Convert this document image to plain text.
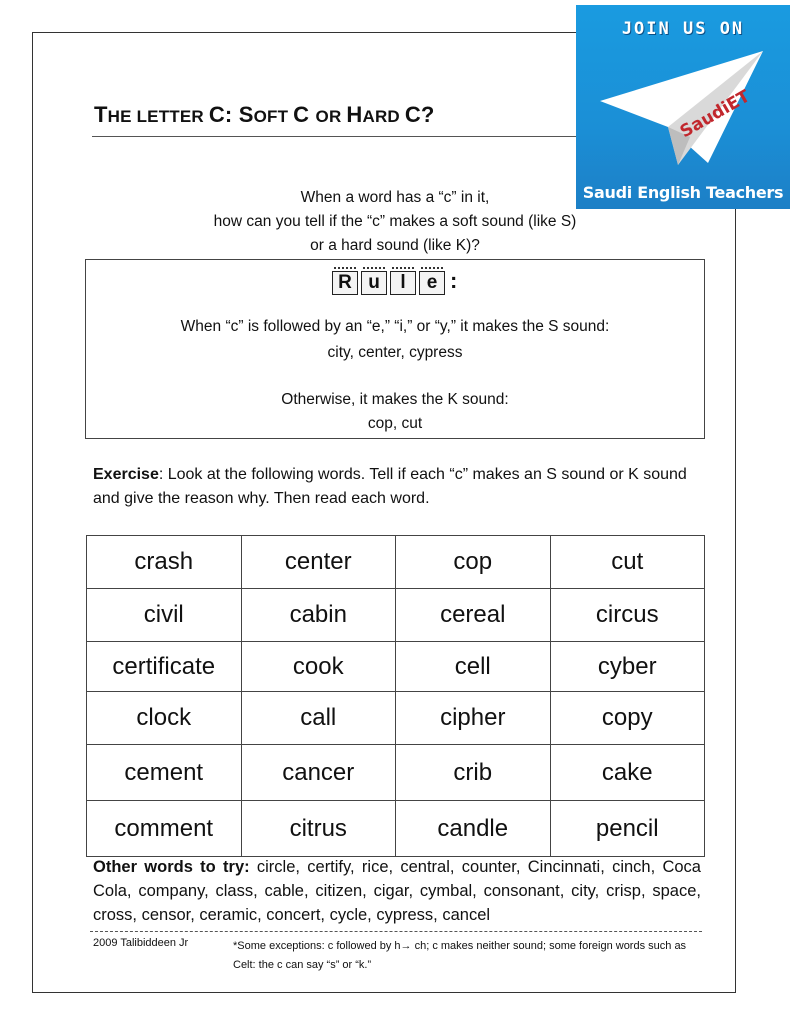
THE LETTER C: SOFT C OR HARD C?
JOIN US ON
SaudiET
Saudi English Teachers
When a word has a “c” in it,
how can you tell if the “c” makes a soft sound (like S)
or a hard sound (like K)?
R u	l	e :
When “c” is followed by an “e,” “i,” or “y,” it makes the S sound:
city, center, cypress
Otherwise, it makes the K sound:
cop, cut
Exercise: Look at the following words. Tell if each “c” makes an S sound or K sound and give the reason why. Then read each word.
crash	center	cop	cut
civil	cabin	cereal	circus
certificate	cook	cell	cyber
clock	call	cipher	copy
cement	cancer	crib	cake
comment	citrus	candle	pencil
Other words to try: circle, certify, rice, central, counter, Cincinnati, cinch, Coca Cola, company, class, cable, citizen, cigar, cymbal, consonant, city, crisp, space, cross, censor, ceramic, concert, cycle, cypress, cancel
2009 Talibiddeen Jr	*Some exceptions: c followed by h→ ch; c makes neither sound; some foreign words such as Celt: the c can say “s” or “k.”
